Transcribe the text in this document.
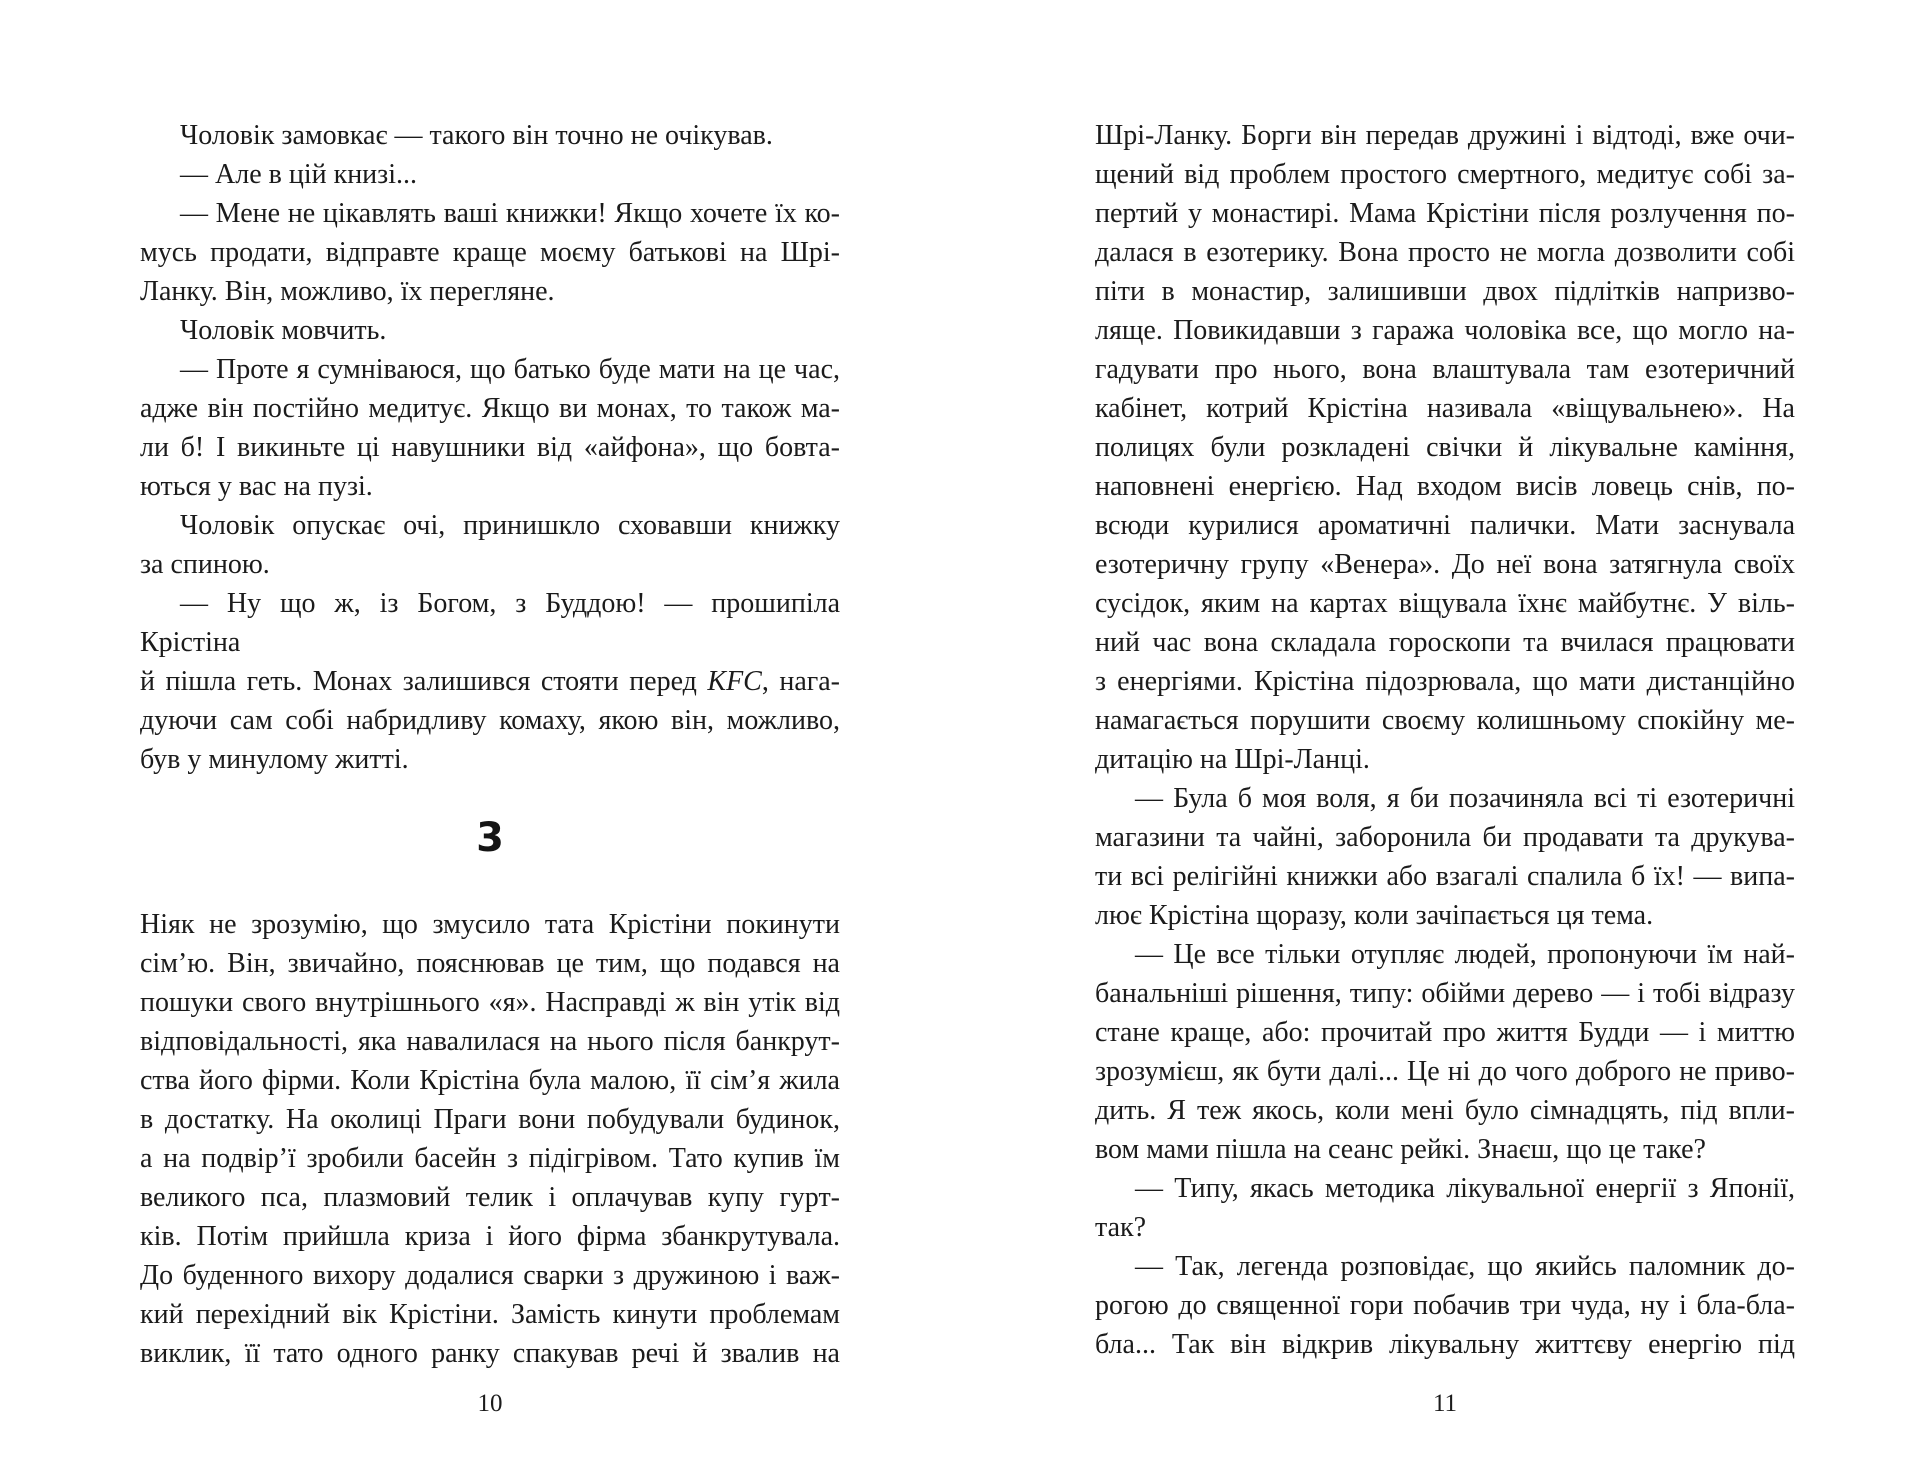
Чоловік замовкає — такого він точно не очікував.
— Але в цій книзі...
— Мене не цікавлять ваші книжки! Якщо хочете їх ко-
мусь продати, відправте краще моєму батькові на Шрі-
Ланку. Він, можливо, їх перегляне.
Чоловік мовчить.
— Проте я сумніваюся, що батько буде мати на це час,
адже він постійно медитує. Якщо ви монах, то також ма-
ли б! І викиньте ці навушники від «айфона», що бовта-
ються у вас на пузі.
Чоловік опускає очі, принишкло сховавши книжку
за спиною.
— Ну що ж, із Богом, з Буддою! — прошипіла Крістіна
й пішла геть. Монах залишився стояти перед KFC, нага-
дуючи сам собі набридливу комаху, якою він, можливо,
був у минулому житті.
3
Ніяк не зрозумію, що змусило тата Крістіни покинути
сім’ю. Він, звичайно, пояснював це тим, що подався на
пошуки свого внутрішнього «я». Насправді ж він утік від
відповідальності, яка навалилася на нього після банкрут-
ства його фірми. Коли Крістіна була малою, її сім’я жила
в достатку. На околиці Праги вони побудували будинок,
а на подвір’ї зробили басейн з підігрівом. Тато купив їм
великого пса, плазмовий телик і оплачував купу гурт-
ків. Потім прийшла криза і його фірма збанкрутувала.
До буденного вихору додалися сварки з дружиною і важ-
кий перехідний вік Крістіни. Замість кинути проблемам
виклик, її тато одного ранку спакував речі й звалив на
10
Шрі-Ланку. Борги він передав дружині і відтоді, вже очи-
щений від проблем простого смертного, медитує собі за-
пертий у монастирі. Мама Крістіни після розлучення по-
далася в езотерику. Вона просто не могла дозволити собі
піти в монастир, залишивши двох підлітків напризво-
ляще. Повикидавши з гаража чоловіка все, що могло на-
гадувати про нього, вона влаштувала там езотеричний
кабінет, котрий Крістіна називала «віщувальнею». На
полицях були розкладені свічки й лікувальне каміння,
наповнені енергією. Над входом висів ловець снів, по-
всюди курилися ароматичні палички. Мати заснувала
езотеричну групу «Венера». До неї вона затягнула своїх
сусідок, яким на картах віщувала їхнє майбутнє. У віль-
ний час вона складала гороскопи та вчилася працювати
з енергіями. Крістіна підозрювала, що мати дистанційно
намагається порушити своєму колишньому спокійну ме-
дитацію на Шрі-Ланці.
— Була б моя воля, я би позачиняла всі ті езотеричні
магазини та чайні, заборонила би продавати та друкува-
ти всі релігійні книжки або взагалі спалила б їх! — випа-
лює Крістіна щоразу, коли зачіпається ця тема.
— Це все тільки отупляє людей, пропонуючи їм най-
банальніші рішення, типу: обійми дерево — і тобі відразу
стане краще, або: прочитай про життя Будди — і миттю
зрозумієш, як бути далі... Це ні до чого доброго не приво-
дить. Я теж якось, коли мені було сімнадцять, під впли-
вом мами пішла на сеанс рейкі. Знаєш, що це таке?
— Типу, якась методика лікувальної енергії з Японії,
так?
— Так, легенда розповідає, що якийсь паломник до-
рогою до священної гори побачив три чуда, ну і бла-бла-
бла... Так він відкрив лікувальну життєву енергію під
11
